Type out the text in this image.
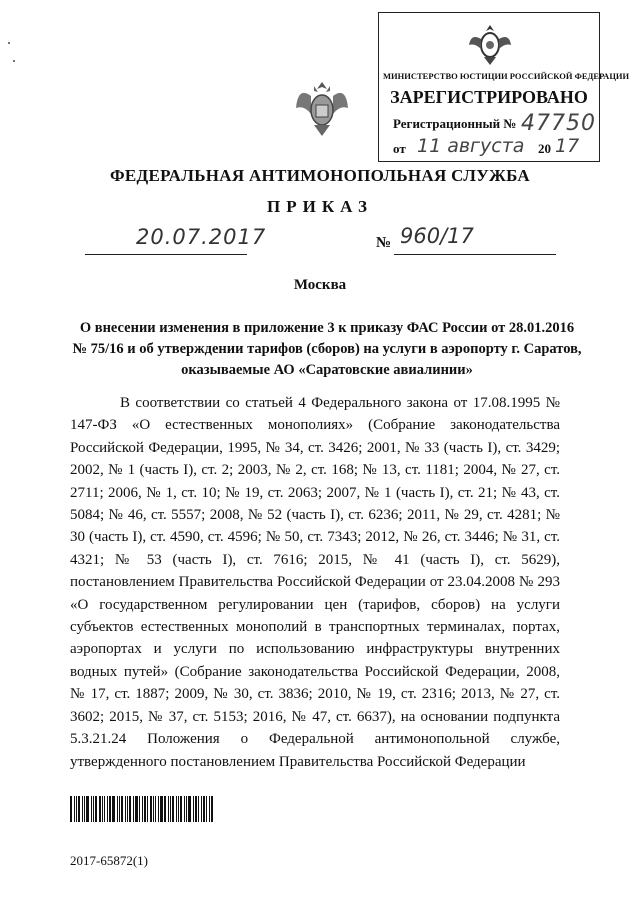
МИНИСТЕРСТВО ЮСТИЦИИ РОССИЙСКОЙ ФЕДЕРАЦИИ
ЗАРЕГИСТРИРОВАНО
Регистрационный № 47750
от 11 августа 20 17
ФЕДЕРАЛЬНАЯ АНТИМОНОПОЛЬНАЯ СЛУЖБА
ПРИКАЗ
20.07.2017	№ 960/17
Москва
О внесении изменения в приложение 3 к приказу ФАС России от 28.01.2016 № 75/16 и об утверждении тарифов (сборов) на услуги в аэропорту г. Саратов, оказываемые АО «Саратовские авиалинии»

В соответствии со статьей 4 Федерального закона от 17.08.1995 № 147-ФЗ «О естественных монополиях» (Собрание законодательства Российской Федерации, 1995, № 34, ст. 3426; 2001, № 33 (часть I), ст. 3429; 2002, № 1 (часть I), ст. 2; 2003, № 2, ст. 168; № 13, ст. 1181; 2004, № 27, ст. 2711; 2006, № 1, ст. 10; № 19, ст. 2063; 2007, № 1 (часть I), ст. 21; № 43, ст. 5084; № 46, ст. 5557; 2008, № 52 (часть I), ст. 6236; 2011, № 29, ст. 4281; № 30 (часть I), ст. 4590, ст. 4596; № 50, ст. 7343; 2012, № 26, ст. 3446; № 31, ст. 4321; № 53 (часть I), ст. 7616; 2015, № 41 (часть I), ст. 5629), постановлением Правительства Российской Федерации от 23.04.2008 № 293 «О государственном регулировании цен (тарифов, сборов) на услуги субъектов естественных монополий в транспортных терминалах, портах, аэропортах и услуги по использованию инфраструктуры внутренних водных путей» (Собрание законодательства Российской Федерации, 2008, № 17, ст. 1887; 2009, № 30, ст. 3836; 2010, № 19, ст. 2316; 2013, № 27, ст. 3602; 2015, № 37, ст. 5153; 2016, № 47, ст. 6637), на основании подпункта 5.3.21.24 Положения о Федеральной антимонопольной службе, утвержденного постановлением Правительства Российской Федерации

2017-65872(1)
